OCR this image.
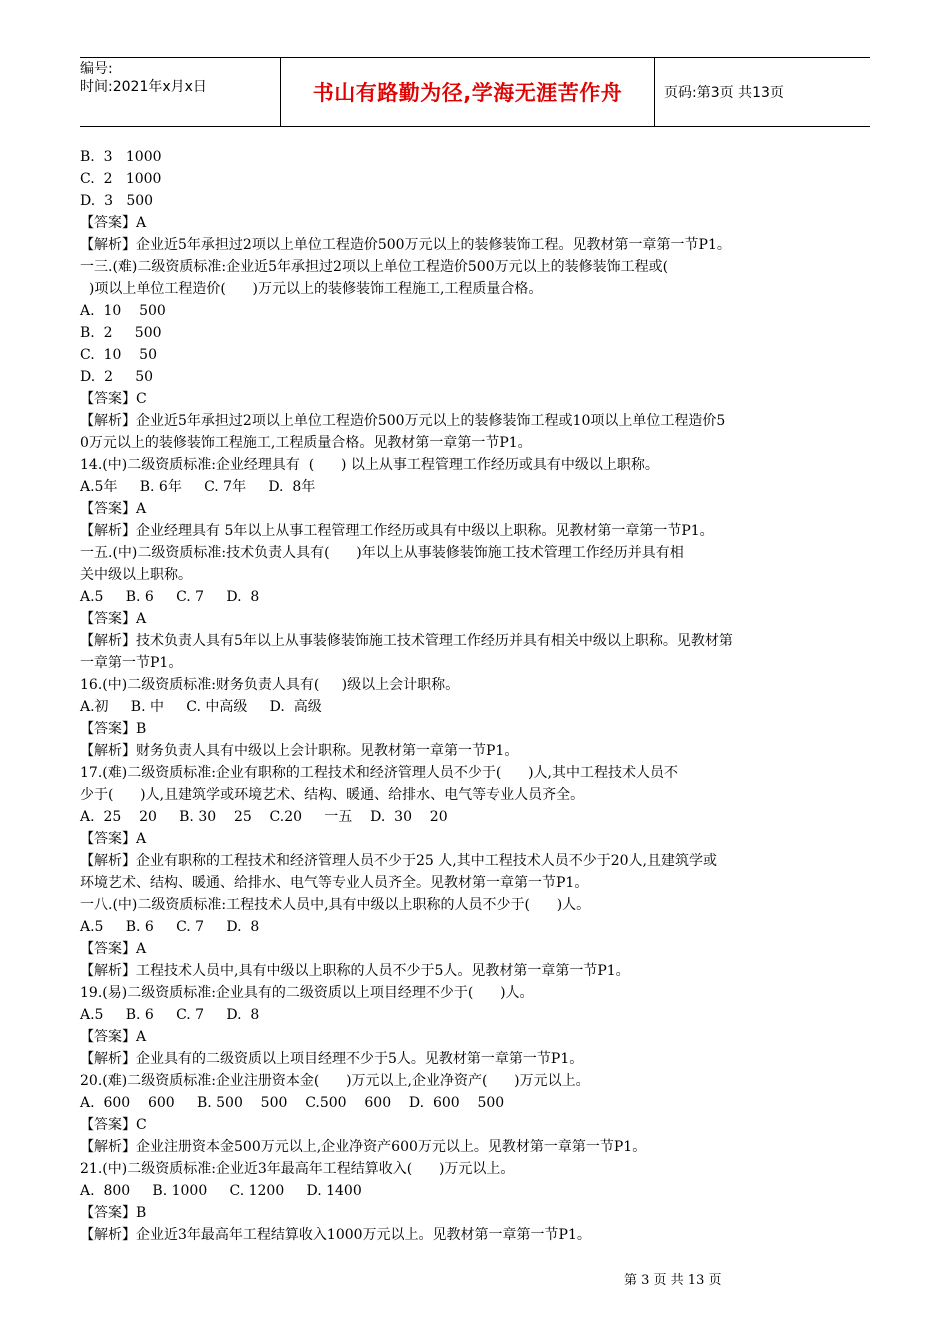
编号:
时间:2021年x月x日	书山有路勤为径,学海无涯苦作舟	页码:第3页 共13页
B.  3   1000
C.  2   1000
D.  3   500
【答案】A
【解析】企业近5年承担过2项以上单位工程造价500万元以上的装修装饰工程。见教材第一章第一节P1。
一三.(难)二级资质标准:企业近5年承担过2项以上单位工程造价500万元以上的装修装饰工程或(
)项以上单位工程造价(      )万元以上的装修装饰工程施工,工程质量合格。
A.  10    500
B.  2     500
C.  10    50
D.  2     50
【答案】C
【解析】企业近5年承担过2项以上单位工程造价500万元以上的装修装饰工程或10项以上单位工程造价5
0万元以上的装修装饰工程施工,工程质量合格。见教材第一章第一节P1。
14.(中)二级资质标准:企业经理具有  (      ) 以上从事工程管理工作经历或具有中级以上职称。
A.5年     B. 6年     C. 7年     D.  8年
【答案】A
【解析】企业经理具有 5年以上从事工程管理工作经历或具有中级以上职称。见教材第一章第一节P1。
一五.(中)二级资质标准:技术负责人具有(      )年以上从事装修装饰施工技术管理工作经历并具有相
关中级以上职称。
A.5     B. 6     C. 7     D.  8
【答案】A
【解析】技术负责人具有5年以上从事装修装饰施工技术管理工作经历并具有相关中级以上职称。见教材第
一章第一节P1。
16.(中)二级资质标准:财务负责人具有(     )级以上会计职称。
A.初     B. 中     C. 中高级     D.  高级
【答案】B
【解析】财务负责人具有中级以上会计职称。见教材第一章第一节P1。
17.(难)二级资质标准:企业有职称的工程技术和经济管理人员不少于(      )人,其中工程技术人员不
少于(      )人,且建筑学或环境艺术、结构、暖通、给排水、电气等专业人员齐全。
A.  25    20     B. 30    25    C.20     一五    D.  30    20
【答案】A
【解析】企业有职称的工程技术和经济管理人员不少于25 人,其中工程技术人员不少于20人,且建筑学或
环境艺术、结构、暖通、给排水、电气等专业人员齐全。见教材第一章第一节P1。
一八.(中)二级资质标准:工程技术人员中,具有中级以上职称的人员不少于(      )人。
A.5     B. 6     C. 7     D.  8
【答案】A
【解析】工程技术人员中,具有中级以上职称的人员不少于5人。见教材第一章第一节P1。
19.(易)二级资质标准:企业具有的二级资质以上项目经理不少于(      )人。
A.5     B. 6     C. 7     D.  8
【答案】A
【解析】企业具有的二级资质以上项目经理不少于5人。见教材第一章第一节P1。
20.(难)二级资质标准:企业注册资本金(      )万元以上,企业净资产(      )万元以上。
A.  600    600     B. 500    500    C.500    600    D.  600    500
【答案】C
【解析】企业注册资本金500万元以上,企业净资产600万元以上。见教材第一章第一节P1。
21.(中)二级资质标准:企业近3年最高年工程结算收入(      )万元以上。
A.  800     B. 1000     C. 1200     D. 1400
【答案】B
【解析】企业近3年最高年工程结算收入1000万元以上。见教材第一章第一节P1。
第 3 页 共 13 页
